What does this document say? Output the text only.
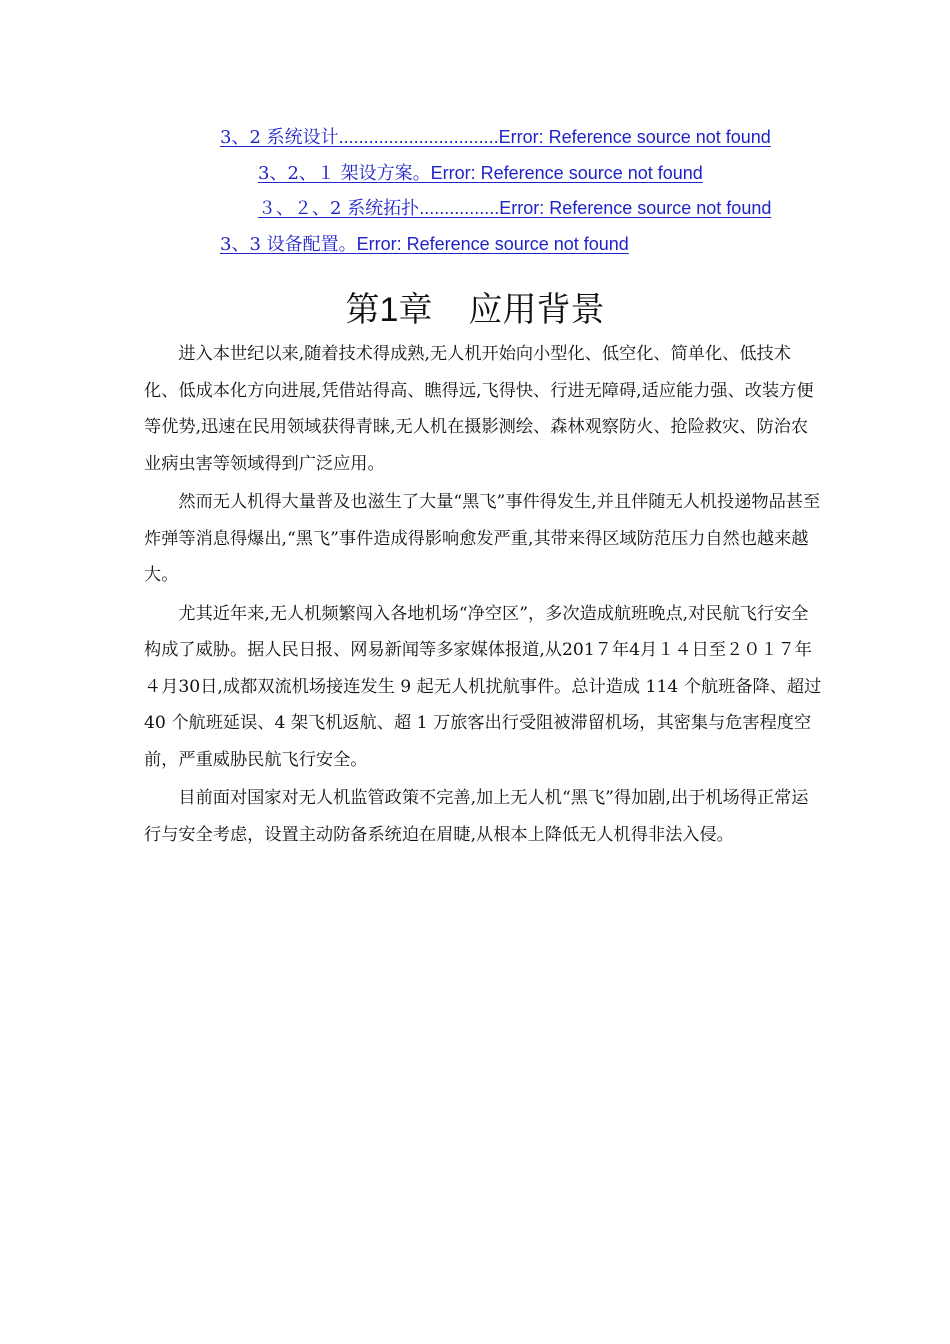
3、2 系统设计................................Error: Reference source not found
3、2、１ 架设方案。Error: Reference source not found
３、２、2 系统拓扑................Error: Reference source not found
3、3 设备配置。Error: Reference source not found
第1章 应用背景

进入本世纪以来,随着技术得成熟,无人机开始向小型化、低空化、简单化、低技术化、低成本化方向进展,凭借站得高、瞧得远,飞得快、行进无障碍,适应能力强、改装方便等优势,迅速在民用领域获得青睐,无人机在摄影测绘、森林观察防火、抢险救灾、防治农业病虫害等领域得到广泛应用。

然而无人机得大量普及也滋生了大量“黑飞”事件得发生,并且伴随无人机投递物品甚至炸弹等消息得爆出,“黑飞”事件造成得影响愈发严重,其带来得区域防范压力自然也越来越大。

尤其近年来,无人机频繁闯入各地机场“净空区”，多次造成航班晚点,对民航飞行安全构成了威胁。据人民日报、网易新闻等多家媒体报道,从201７年4月１４日至２０１７年４月30日,成都双流机场接连发生 9 起无人机扰航事件。总计造成 114 个航班备降、超过 40 个航班延误、4 架飞机返航、超 1 万旅客出行受阻被滞留机场，其密集与危害程度空前，严重威胁民航飞行安全。

目前面对国家对无人机监管政策不完善,加上无人机“黑飞”得加剧,出于机场得正常运行与安全考虑，设置主动防备系统迫在眉睫,从根本上降低无人机得非法入侵。
